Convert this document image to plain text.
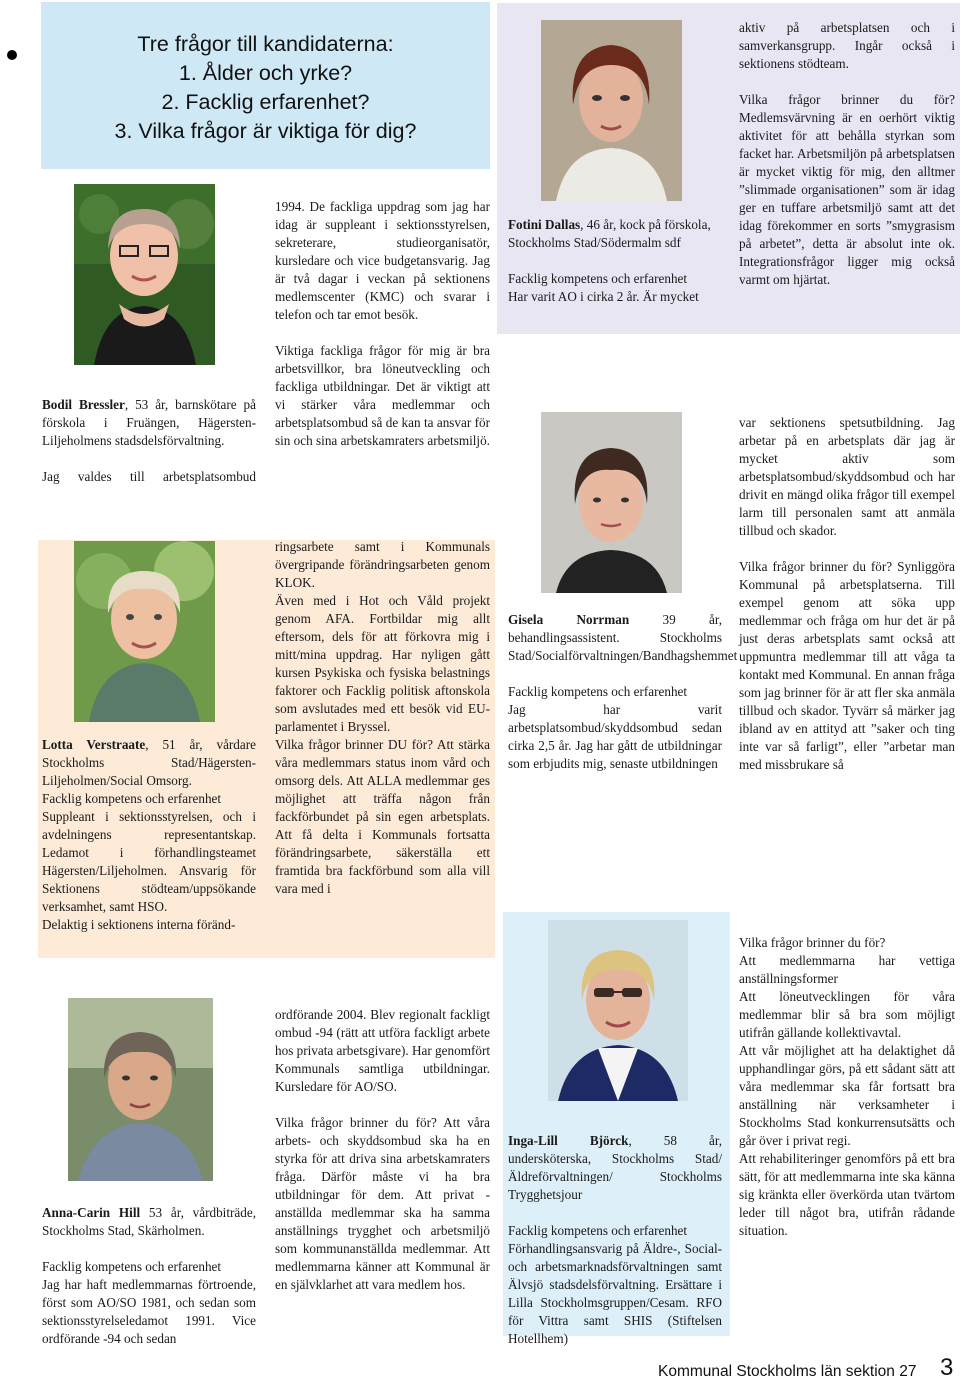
Tre frågor till kandidaterna:
1. Ålder och yrke?
2. Facklig erfarenhet?
3. Vilka frågor är viktiga för dig?

Bodil Bressler, 53 år, barnskötare på förskola i Fruängen, Hägersten-Liljeholmens stadsdelsförvaltning.

Jag valdes till arbetsplatsombud

1994. De fackliga uppdrag som jag har idag är suppleant i sektionsstyrelsen, sekreterare, studieorganisatör, kursledare och vice budgetansvarig. Jag är två dagar i veckan på sektionens medlemscenter (KMC) och svarar i telefon och tar emot besök.

Viktiga fackliga frågor för mig är bra arbetsvillkor, bra löneutveckling och fackliga utbildningar. Det är viktigt att vi stärker våra medlemmar och arbetsplatsombud så de kan ta ansvar för sin och sina arbetskamraters arbetsmiljö.

Fotini Dallas, 46 år, kock på förskola, Stockholms Stad/Södermalm sdf

Facklig kompetens och erfarenhet

Har varit AO i cirka 2 år. Är mycket

aktiv på arbetsplatsen och i samverkansgrupp. Ingår också i sektionens stödteam.

Vilka frågor brinner du för? Medlemsvärvning är en oerhört viktig aktivitet för att behålla styrkan som facket har. Arbetsmiljön på arbetsplatsen är mycket viktig för mig, den alltmer ”slimmade organisationen” som är idag ger en tuffare arbetsmiljö samt att det idag förekommer en sorts ”smygrasism på arbetet”, detta är absolut inte ok. Integrationsfrågor ligger mig också varmt om hjärtat.

Lotta Verstraate, 51 år, vårdare Stockholms Stad/Hägersten-Liljeholmen/Social Omsorg.

Facklig kompetens och erfarenhet

Suppleant i sektionsstyrelsen, och i avdelningens representantskap. Ledamot i förhandlingsteamet Hägersten/Liljeholmen. Ansvarig för Sektionens stödteam/uppsökande verksamhet, samt HSO.

Delaktig i sektionens interna föränd-

ringsarbete samt i Kommunals övergripande förändringsarbeten genom KLOK.

Även med i Hot och Våld projekt genom AFA. Fortbildar mig allt eftersom, dels för att förkovra mig i mitt/mina uppdrag. Har nyligen gått kursen Psykiska och fysiska belastnings faktorer och Facklig politisk aftonskola som avslutades med ett besök vid EU-parlamentet i Bryssel.

Vilka frågor brinner DU för? Att stärka våra medlemmars status inom vård och omsorg dels. Att ALLA medlemmar ges möjlighet att träffa någon från fackförbundet på sin egen arbetsplats. Att få delta i Kommunals fortsatta förändringsarbete, säkerställa ett framtida bra fackförbund som alla vill vara med i

Gisela Norrman 39 år, behandlingsassistent. Stockholms Stad/Socialförvaltningen/Bandhagshemmet

Facklig kompetens och erfarenhet

Jag har varit arbetsplatsombud/skyddsombud sedan cirka 2,5 år. Jag har gått de utbildningar som erbjudits mig, senaste utbildningen

var sektionens spetsutbildning. Jag arbetar på en arbetsplats där jag är mycket aktiv som arbetsplatsombud/skyddsombud och har drivit en mängd olika frågor till exempel larm till personalen samt att anmäla tillbud och skador.

Vilka frågor brinner du för? Synliggöra Kommunal på arbetsplatserna. Till exempel genom att söka upp medlemmar och fråga om hur det är på just deras arbetsplats samt också att uppmuntra medlemmar till att våga ta kontakt med Kommunal. En annan fråga som jag brinner för är att fler ska anmäla tillbud och skador. Tyvärr så märker jag ibland av en attityd att ”saker och ting inte var så farligt”, eller ”arbetar man med missbrukare så

Anna-Carin Hill 53 år, vårdbiträde, Stockholms Stad, Skärholmen.

Facklig kompetens och erfarenhet

Jag har haft medlemmarnas förtroende, först som AO/SO 1981, och sedan som sektionsstyrelseledamot 1991. Vice ordförande -94 och sedan

ordförande 2004. Blev regionalt fackligt ombud -94 (rätt att utföra fackligt arbete hos privata arbetsgivare). Har genomfört Kommunals samtliga utbildningar. Kursledare för AO/SO.

Vilka frågor brinner du för? Att våra arbets- och skyddsombud ska ha en styrka för att driva sina arbetskamraters fråga. Därför måste vi ha bra utbildningar för dem. Att privat -anställda medlemmar ska ha samma anställnings trygghet och arbetsmiljö som kommunanställda medlemmar. Att medlemmarna känner att Kommunal är en självklarhet att vara medlem hos.

Inga-Lill Björck, 58 år, undersköterska, Stockholms Stad/Äldreförvaltningen/ Stockholms Trygghetsjour

Facklig kompetens och erfarenhet

Förhandlingsansvarig på Äldre-, Social- och arbetsmarknadsförvaltningen samt Älvsjö stadsdelsförvaltning. Ersättare i Lilla Stockholmsgruppen/Cesam. RFO för Vittra samt SHIS (Stiftelsen Hotellhem)

Vilka frågor brinner du för?

Att medlemmarna har vettiga anställningsformer

Att löneutvecklingen för våra medlemmar blir så bra som möjligt utifrån gällande kollektivavtal.

Att vår möjlighet att ha delaktighet då upphandlingar görs, på ett sådant sätt att våra medlemmar ska får fortsatt bra anställning när verksamheter i Stockholms Stad konkurrensutsätts och går över i privat regi.

Att rehabiliteringer genomförs på ett bra sätt, för att medlemmarna inte ska känna sig kränkta eller överkörda utan tvärtom leder till något bra, utifrån rådande situation.

Kommunal Stockholms län sektion 27 3
